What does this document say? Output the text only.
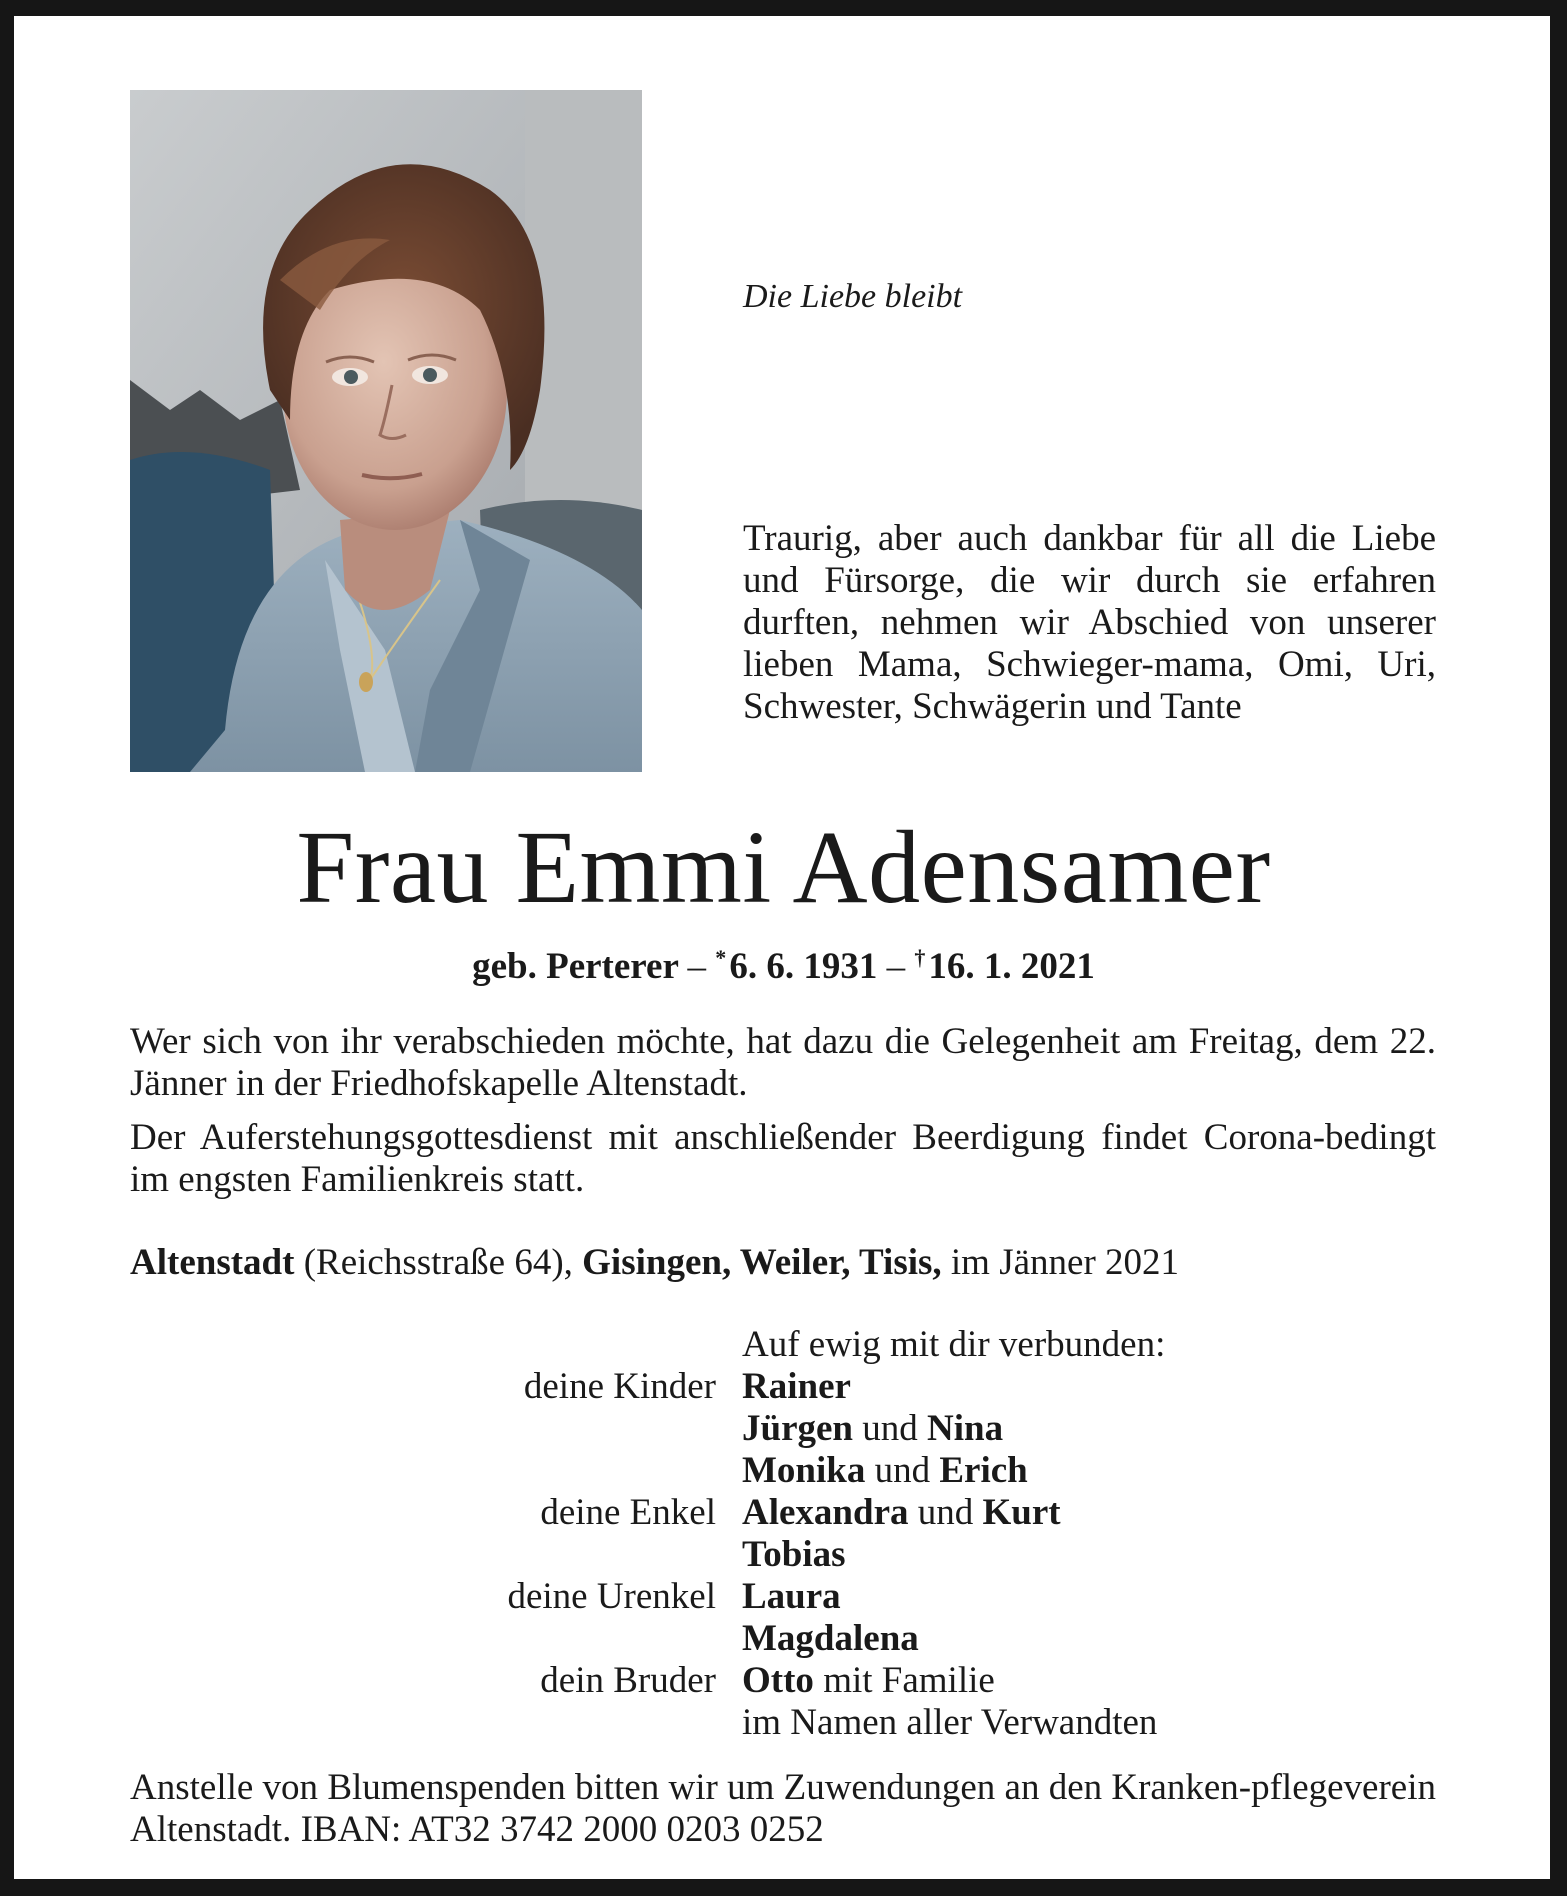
Die Liebe bleibt

Traurig, aber auch dankbar für all die Liebe und Fürsorge, die wir durch sie erfahren durften, nehmen wir Abschied von unserer lieben Mama, Schwieger-mama, Omi, Uri, Schwester, Schwägerin und Tante

Frau Emmi Adensamer

geb. Perterer – * 6. 6. 1931 – † 16. 1. 2021

Wer sich von ihr verabschieden möchte, hat dazu die Gelegenheit am Freitag, dem 22. Jänner in der Friedhofskapelle Altenstadt.

Der Auferstehungsgottesdienst mit anschließender Beerdigung findet Corona-bedingt im engsten Familienkreis statt.

Altenstadt (Reichsstraße 64), Gisingen, Weiler, Tisis, im Jänner 2021

Auf ewig mit dir verbunden:

deine Kinder Rainer
Jürgen und Nina
Monika und Erich
deine Enkel Alexandra und Kurt
Tobias
deine Urenkel Laura
Magdalena
dein Bruder Otto mit Familie
im Namen aller Verwandten

Anstelle von Blumenspenden bitten wir um Zuwendungen an den Kranken-pflegeverein Altenstadt. IBAN: AT32 3742 2000 0203 0252
